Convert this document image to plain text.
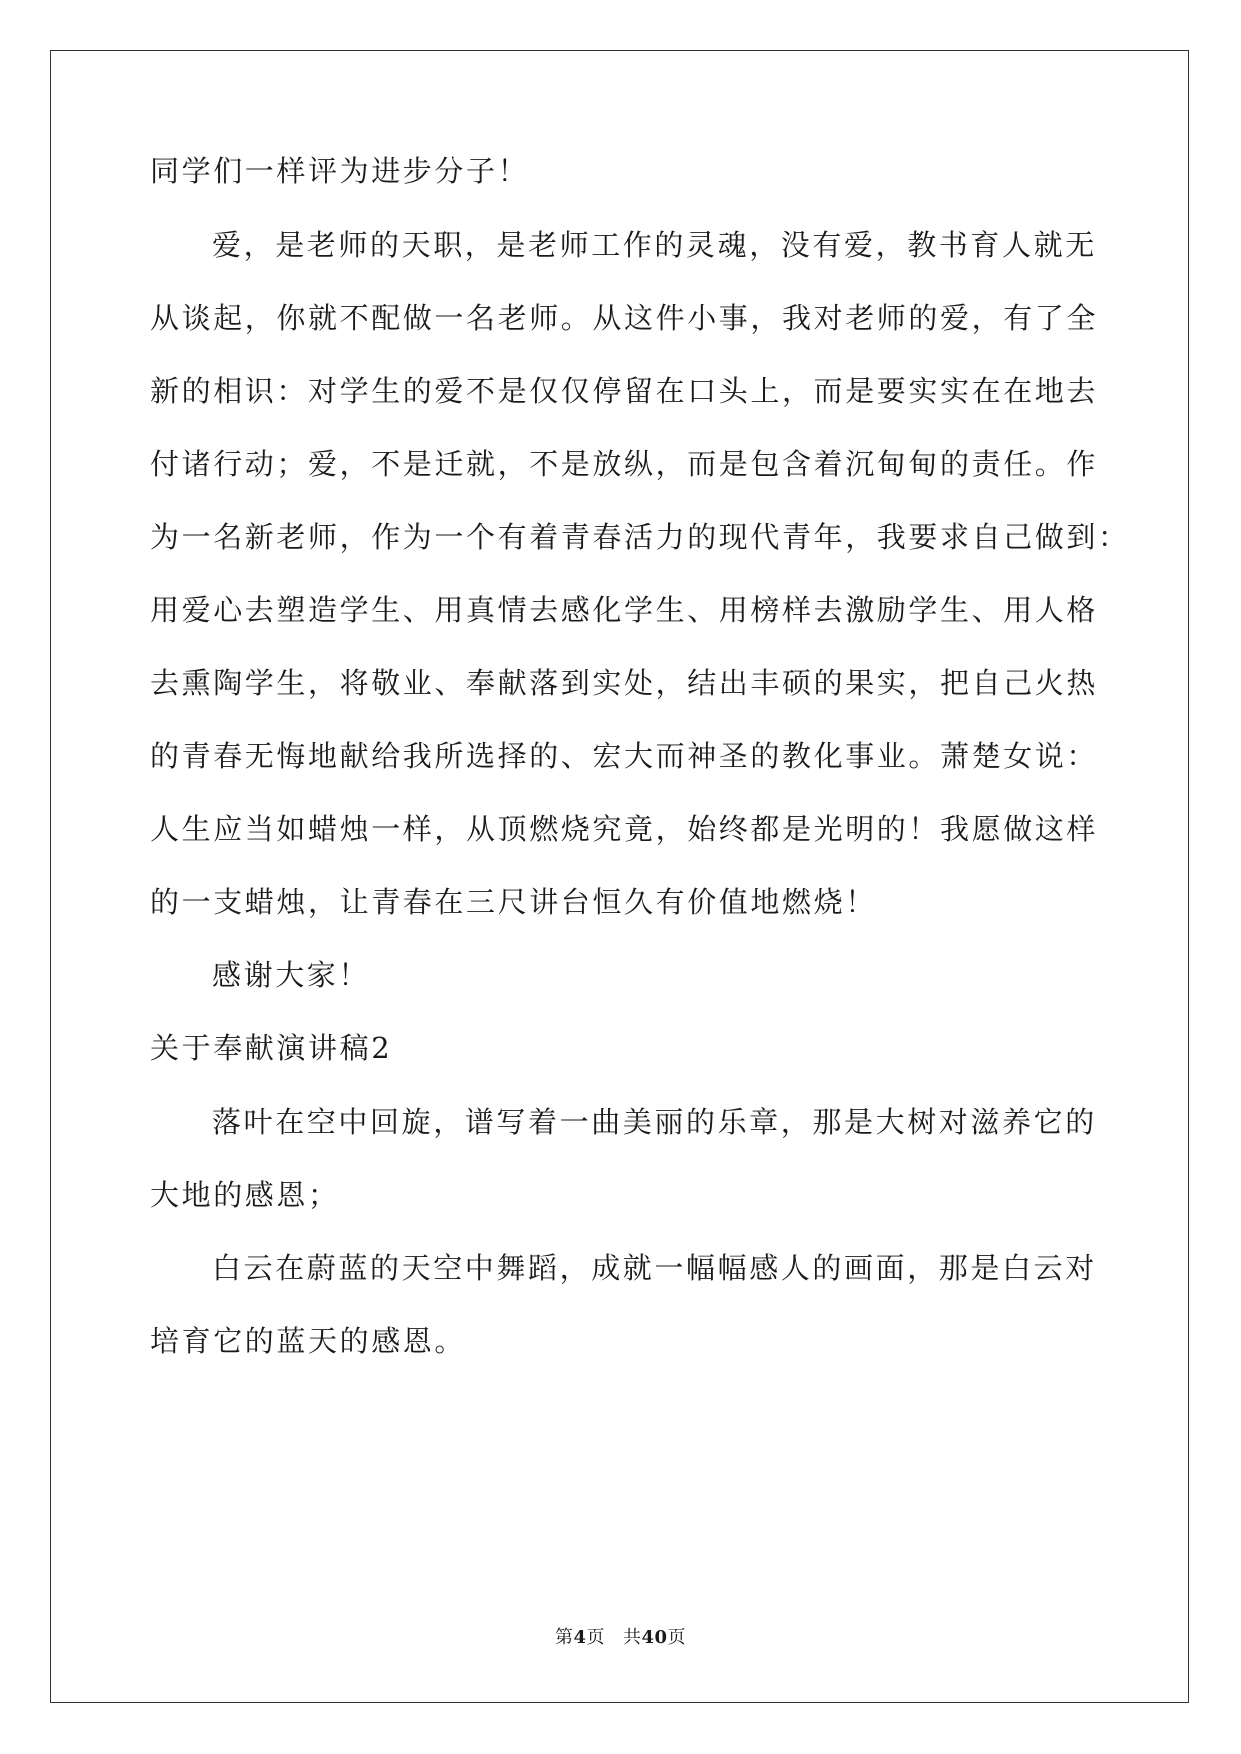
同学们一样评为进步分子！
爱，是老师的天职，是老师工作的灵魂，没有爱，教书育人就无
从谈起，你就不配做一名老师。从这件小事，我对老师的爱，有了全
新的相识：对学生的爱不是仅仅停留在口头上，而是要实实在在地去
付诸行动；爱，不是迁就，不是放纵，而是包含着沉甸甸的责任。作
为一名新老师，作为一个有着青春活力的现代青年，我要求自己做到：
用爱心去塑造学生、用真情去感化学生、用榜样去激励学生、用人格
去熏陶学生，将敬业、奉献落到实处，结出丰硕的果实，把自己火热
的青春无悔地献给我所选择的、宏大而神圣的教化事业。萧楚女说：
人生应当如蜡烛一样，从顶燃烧究竟，始终都是光明的！我愿做这样
的一支蜡烛，让青春在三尺讲台恒久有价值地燃烧！
感谢大家！
关于奉献演讲稿2
落叶在空中回旋，谱写着一曲美丽的乐章，那是大树对滋养它的
大地的感恩；
白云在蔚蓝的天空中舞蹈，成就一幅幅感人的画面，那是白云对
培育它的蓝天的感恩。
第4页 共40页
